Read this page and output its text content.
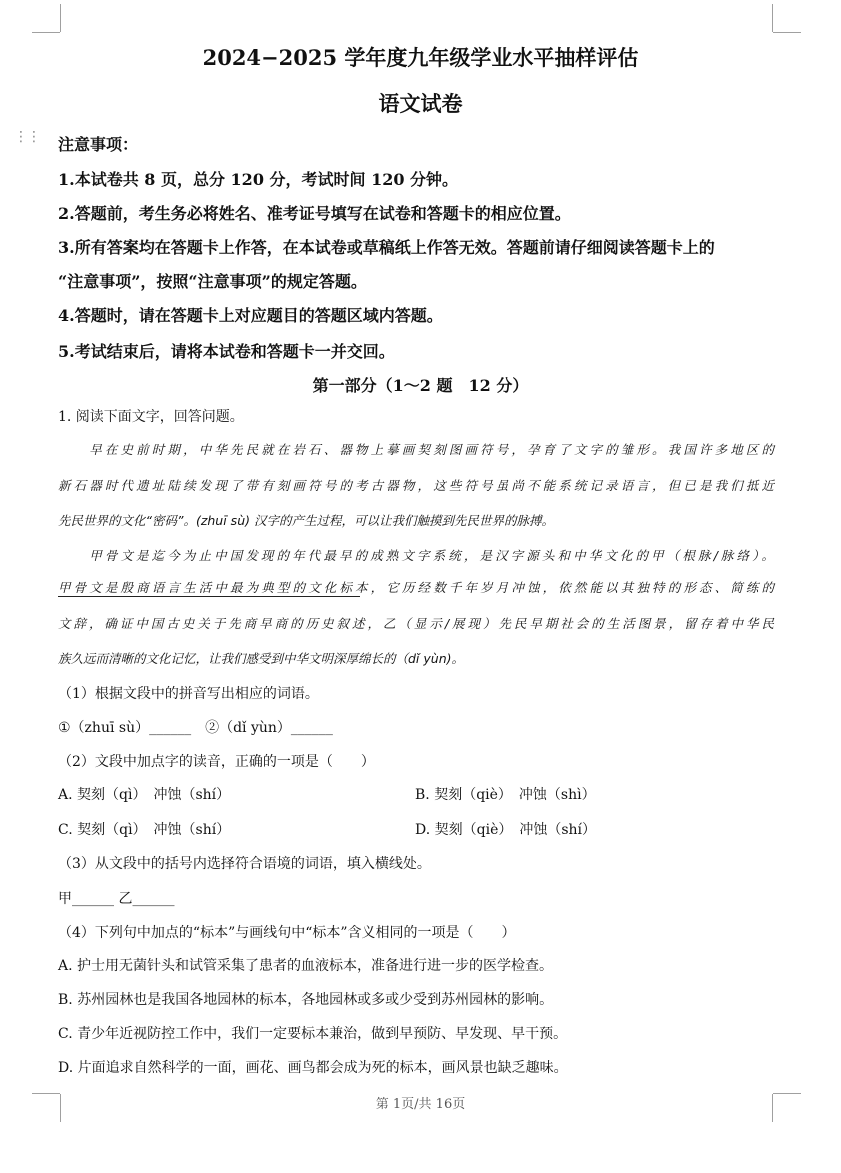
⋮⋮
2024−2025 学年度九年级学业水平抽样评估
语文试卷
注意事项：
1.本试卷共 8 页，总分 120 分，考试时间 120 分钟。
2.答题前，考生务必将姓名、准考证号填写在试卷和答题卡的相应位置。
3.所有答案均在答题卡上作答，在本试卷或草稿纸上作答无效。答题前请仔细阅读答题卡上的
“注意事项”，按照“注意事项”的规定答题。
4.答题时，请在答题卡上对应题目的答题区域内答题。
5.考试结束后，请将本试卷和答题卡一并交回。
第一部分（1～2 题　12 分）
1. 阅读下面文字，回答问题。
　　早在史前时期，中华先民就在岩石、器物上摹画契刻图画符号，孕育了文字的雏形。我国许多地区的
新石器时代遗址陆续发现了带有刻画符号的考古器物，这些符号虽尚不能系统记录语言，但已是我们抵近
先民世界的文化“密码”。(zhuī sù) 汉字的产生过程，可以让我们触摸到先民世界的脉搏。
　　甲骨文是迄今为止中国发现的年代最早的成熟文字系统，是汉字源头和中华文化的甲（根脉/脉络）。
甲骨文是殷商语言生活中最为典型的文化标本，它历经数千年岁月冲蚀，依然能以其独特的形态、简练的
文辞，确证中国古史关于先商早商的历史叙述，乙（显示/展现）先民早期社会的生活图景，留存着中华民
族久远而清晰的文化记忆，让我们感受到中华文明深厚绵长的（dǐ yùn)。
（1）根据文段中的拼音写出相应的词语。
①（zhuī sù）______　②（dǐ yùn）______
（2）文段中加点字的读音，正确的一项是（　　）
A. 契刻（qì）　冲蚀（shí）	B. 契刻（qiè）　冲蚀（shì）
C. 契刻（qì）　冲蚀（shí）	D. 契刻（qiè）　冲蚀（shí）
（3）从文段中的括号内选择符合语境的词语，填入横线处。
甲______ 乙______
（4）下列句中加点的“标本”与画线句中“标本”含义相同的一项是（　　）
A. 护士用无菌针头和试管采集了患者的血液标本，准备进行进一步的医学检查。
B. 苏州园林也是我国各地园林的标本，各地园林或多或少受到苏州园林的影响。
C. 青少年近视防控工作中，我们一定要标本兼治，做到早预防、早发现、早干预。
D. 片面追求自然科学的一面，画花、画鸟都会成为死的标本，画风景也缺乏趣味。
第 1页/共 16页
